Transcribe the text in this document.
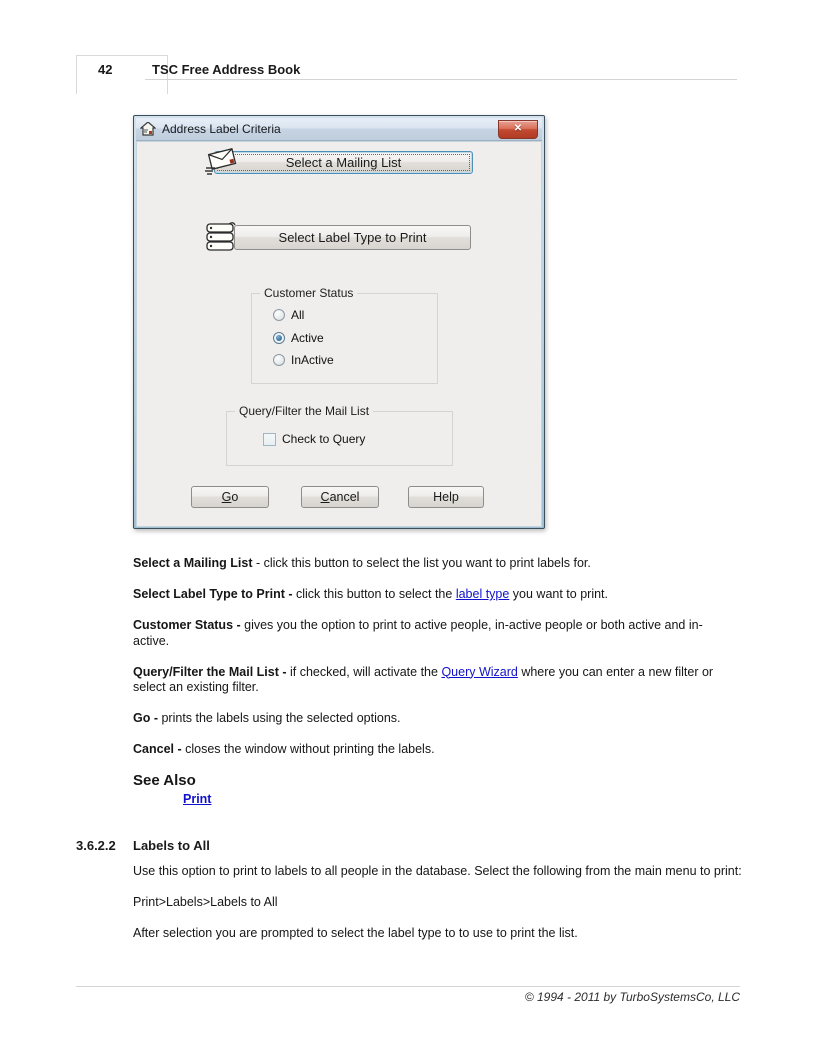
42	TSC Free Address Book
Address Label Criteria	✕
Select a Mailing List
Select Label Type to Print
Customer Status
All
Active
InActive
Query/Filter the Mail List
Check to Query
Go	Cancel	Help

Select a Mailing List - click this button to select the list you want to print labels for.

Select Label Type to Print - click this button to select the label type you want to print.

Customer Status - gives you the option to print to active people, in-active people or both active and in-active.

Query/Filter the Mail List - if checked, will activate the Query Wizard where you can enter a new filter or select an existing filter.

Go - prints the labels using the selected options.

Cancel - closes the window without printing the labels.

See Also
Print
3.6.2.2 Labels to All

Use this option to print to labels to all people in the database. Select the following from the main menu to print:

Print>Labels>Labels to All

After selection you are prompted to select the label type to to use to print the list.

© 1994 - 2011 by TurboSystemsCo, LLC
